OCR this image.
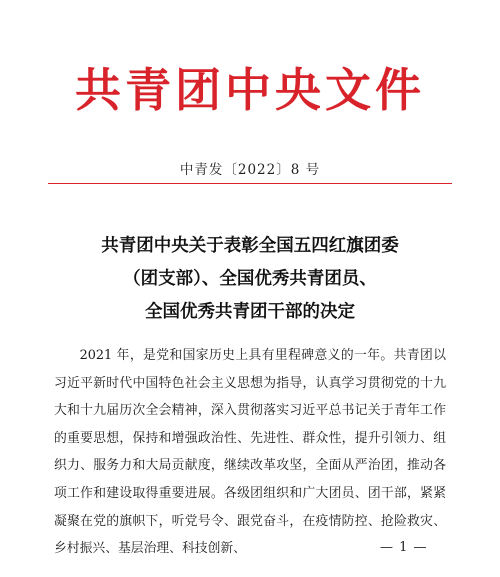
共青团中央文件
中青发〔2022〕8 号
共青团中央关于表彰全国五四红旗团委
（团支部）、全国优秀共青团员、
全国优秀共青团干部的决定

2021 年，是党和国家历史上具有里程碑意义的一年。共青团以习近平新时代中国特色社会主义思想为指导，认真学习贯彻党的十九大和十九届历次全会精神，深入贯彻落实习近平总书记关于青年工作的重要思想，保持和增强政治性、先进性、群众性，提升引领力、组织力、服务力和大局贡献度，继续改革攻坚，全面从严治团，推动各项工作和建设取得重要进展。各级团组织和广大团员、团干部，紧紧凝聚在党的旗帜下，听党号令、跟党奋斗，在疫情防控、抢险救灾、乡村振兴、基层治理、科技创新、	— 1 —
